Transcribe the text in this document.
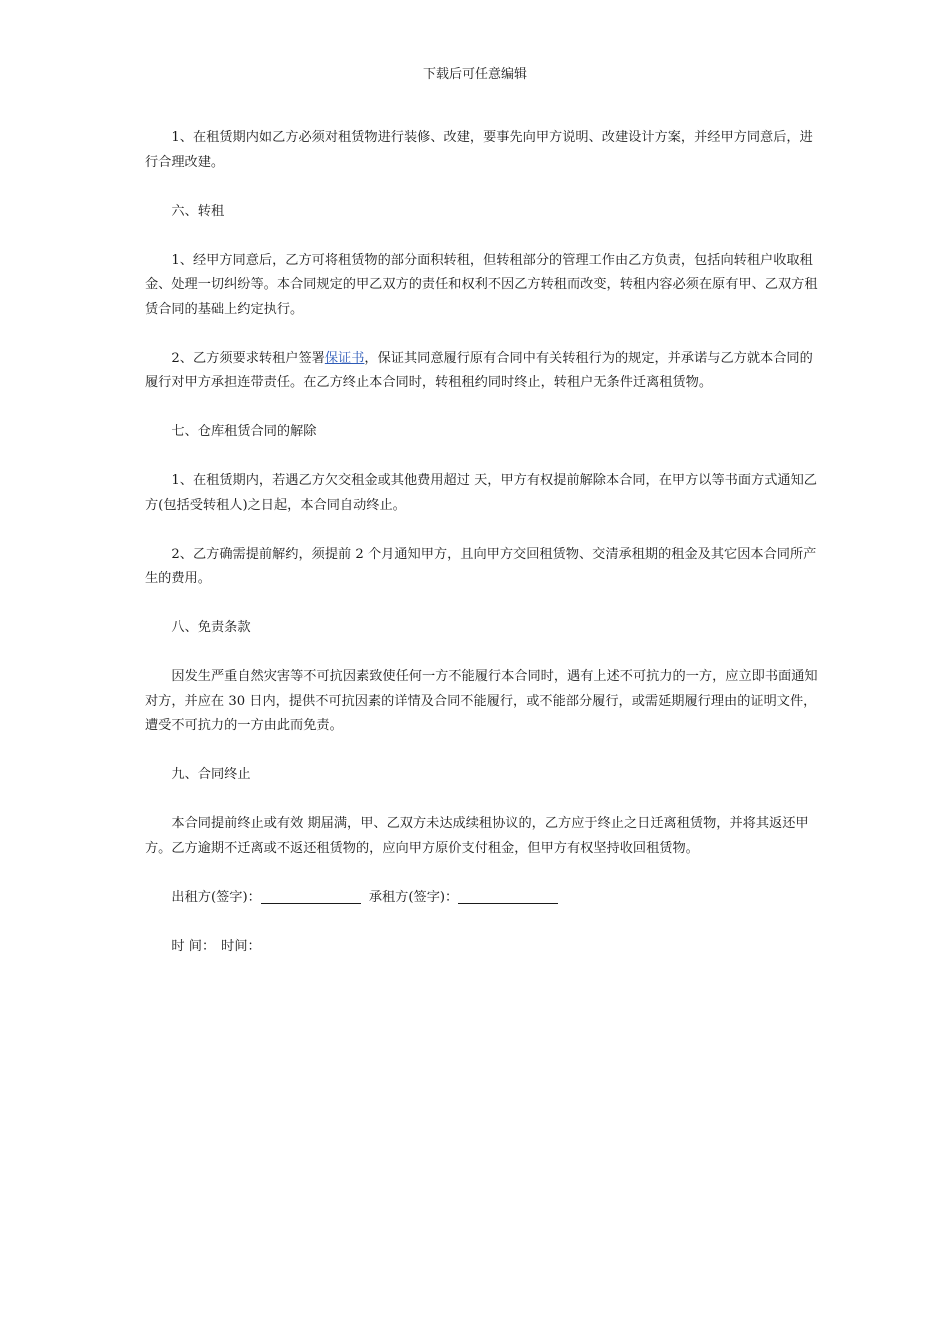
下载后可任意编辑

1、在租赁期内如乙方必须对租赁物进行装修、改建，要事先向甲方说明、改建设计方案，并经甲方同意后，进行合理改建。

六、转租

1、经甲方同意后，乙方可将租赁物的部分面积转租，但转租部分的管理工作由乙方负责，包括向转租户收取租金、处理一切纠纷等。本合同规定的甲乙双方的责任和权利不因乙方转租而改变，转租内容必须在原有甲、乙双方租赁合同的基础上约定执行。

2、乙方须要求转租户签署保证书，保证其同意履行原有合同中有关转租行为的规定，并承诺与乙方就本合同的履行对甲方承担连带责任。在乙方终止本合同时，转租租约同时终止，转租户无条件迁离租赁物。

七、仓库租赁合同的解除

1、在租赁期内，若遇乙方欠交租金或其他费用超过 天，甲方有权提前解除本合同，在甲方以等书面方式通知乙方(包括受转租人)之日起，本合同自动终止。

2、乙方确需提前解约，须提前 2 个月通知甲方，且向甲方交回租赁物、交清承租期的租金及其它因本合同所产生的费用。

八、免责条款

因发生严重自然灾害等不可抗因素致使任何一方不能履行本合同时，遇有上述不可抗力的一方，应立即书面通知对方，并应在 30 日内，提供不可抗因素的详情及合同不能履行，或不能部分履行，或需延期履行理由的证明文件，遭受不可抗力的一方由此而免责。

九、合同终止

本合同提前终止或有效 期届满，甲、乙双方未达成续租协议的，乙方应于终止之日迁离租赁物，并将其返还甲方。乙方逾期不迁离或不返还租赁物的，应向甲方原价支付租金，但甲方有权坚持收回租赁物。

出租方(签字)：	承租方(签字)：

时 间： 时间：
